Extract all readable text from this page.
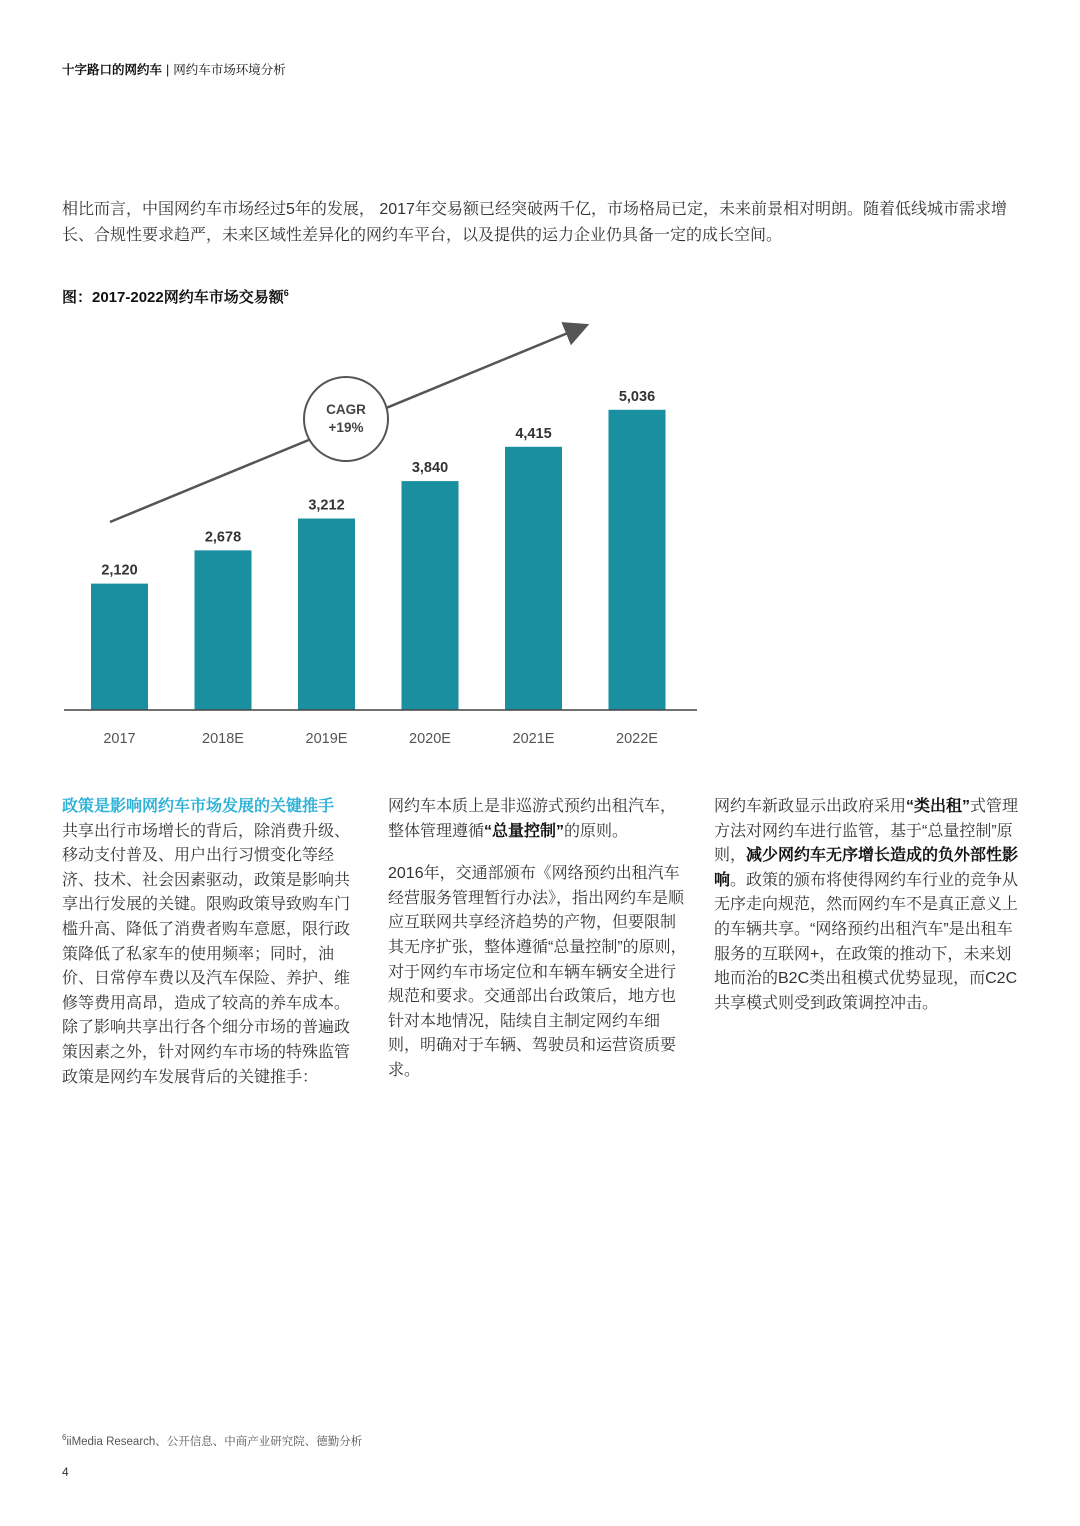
十字路口的网约车 | 网约车市场环境分析
相比而言，中国网约车市场经过5年的发展， 2017年交易额已经突破两千亿，市场格局已定，未来前景相对明朗。随着低线城市需求增长、合规性要求趋严，未来区域性差异化的网约车平台，以及提供的运力企业仍具备一定的成长空间。
图：2017-2022网约车市场交易额$^6$
CAGR
+19%
2,120
2017
2,678
2018E
3,212
2019E
3,840
2020E
4,415
2021E
5,036
2022E

政策是影响网约车市场发展的关键推手
共享出行市场增长的背后，除消费升级、移动支付普及、用户出行习惯变化等经济、技术、社会因素驱动，政策是影响共享出行发展的关键。限购政策导致购车门槛升高、降低了消费者购车意愿，限行政策降低了私家车的使用频率；同时，油价、日常停车费以及汽车保险、养护、维修等费用高昂，造成了较高的养车成本。除了影响共享出行各个细分市场的普遍政策因素之外，针对网约车市场的特殊监管政策是网约车发展背后的关键推手：

网约车本质上是非巡游式预约出租汽车，整体管理遵循“总量控制”的原则。

2016年，交通部颁布《网络预约出租汽车经营服务管理暂行办法》，指出网约车是顺应互联网共享经济趋势的产物，但要限制其无序扩张，整体遵循“总量控制”的原则，对于网约车市场定位和车辆车辆安全进行规范和要求。交通部出台政策后，地方也针对本地情况，陆续自主制定网约车细则，明确对于车辆、驾驶员和运营资质要求。

网约车新政显示出政府采用“类出租”式管理方法对网约车进行监管，基于“总量控制”原则，减少网约车无序增长造成的负外部性影响。政策的颁布将使得网约车行业的竞争从无序走向规范，然而网约车不是真正意义上的车辆共享。“网络预约出租汽车”是出租车服务的互联网+，在政策的推动下，未来划地而治的B2C类出租模式优势显现，而C2C共享模式则受到政策调控冲击。

$^6$iiMedia Research、公开信息、中商产业研究院、德勤分析
4
